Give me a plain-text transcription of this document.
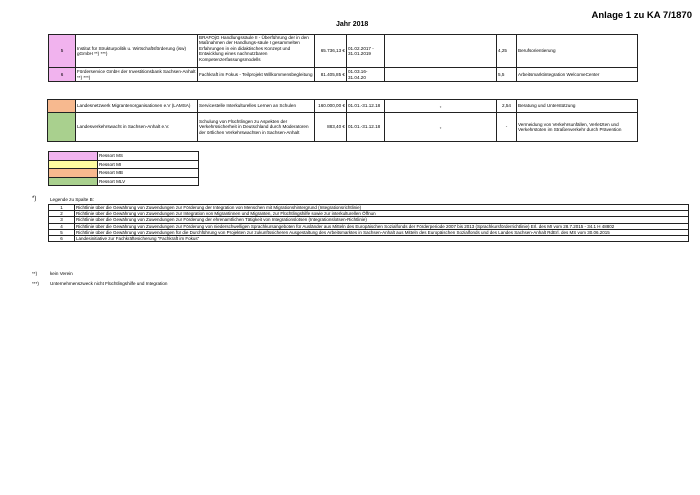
Anlage 1 zu KA 7/1870
Jahr 2018
5	Institut für Strukturpolitik u. Wirtschaftsförderung (isw) gGmbH **) ***)	BRAFOjG Handlungssäule II - Überführung der in den Maßnahmen der Handlungs-säule I gesammelten Erfahrungen in ein didaktisches Konzept und Entwicklung eines nachnutzbaren Kompetenzerfassungsmodells	65.736,13 €	01.02.2017 - 31.01.2019		4,25	Berufsorientierung
6	Förderservice GmbH der Investitionsbank Sachsen-Anhalt **) ***)	Fachkraft im Fokus - Teilprojekt Willkommensbegleitung	81.405,85 €	01.03.16-31.04.20		5,5	Arbeitsmarktintegration WelcomeCenter
	Landesnetzwerk Migrantenorganisationen e.V (LAMSA)	Servicestelle Interkulturelles Lernen an Schulen	160.000,00 €	01.01.-31.12.18	„	2,54	Beratung und Unterstützung
	Landesverkehrswacht in Sachsen-Anhalt e.V.	Schulung von Flüchtlingen zu Aspekten der Verkehrssicherheit in Deutschland durch Moderatoren der örtlichen Verkehrswachten in Sachsen-Anhalt	883,40 €	01.01.-31.12.18	„	-	Vermeidung von Verkehrsunfällen, Verletzten und Verkehrstoten im Straßenverkehr durch Prävention
	Ressort MS
	Ressort MI
	Ressort MB
	Ressort MLV
*)	Legende zu Spalte B:
1	Richtlinie über die Gewährung von Zuwendungen zur Förderung der Integration von Menschen mit Migrationshintergrund (Integrationsrichtlinie)
2	Richtlinie über die Gewährung von Zuwendungen zur Integration von Migrantinnen und Migranten, zur Flüchtlingshilfe sowie zur interkulturellen Öffnun
3	Richtlinie über die Gewährung von Zuwendungen zur Förderung der ehrenamtlichen Tätigkeit von Integrationslotsen (Integrationslotsen-Richtlinie)
4	Richtlinie über die Gewährung von Zuwendungen zur Förderung von niederschwelligen Sprachkursangeboten für Ausländer aus Mitteln des Europäischen Sozialfonds der Förderperiode 2007 bis 2013 (Sprachkursförderrichtlinie) Erl. des MI vom 28.7.2015 - 34.1 H 48802
5	Richtlinie über die Gewährung von Zuwendungen für die Durchführung von Projekten zur zukunftssicheren Ausgestaltung des Arbeitsmarktes in Sachsen-Anhalt aus Mitteln des Europäischen Sozialfonds und des Landes Sachsen-Anhalt RdErl. des MS vom 30.06.2015
6	Landesinitiative zur Fachkräftesicherung "Fachkraft im Fokus"
**)	kein Verein
***) Unternehmenszweck nicht Flüchtlingshilfe und Integration
